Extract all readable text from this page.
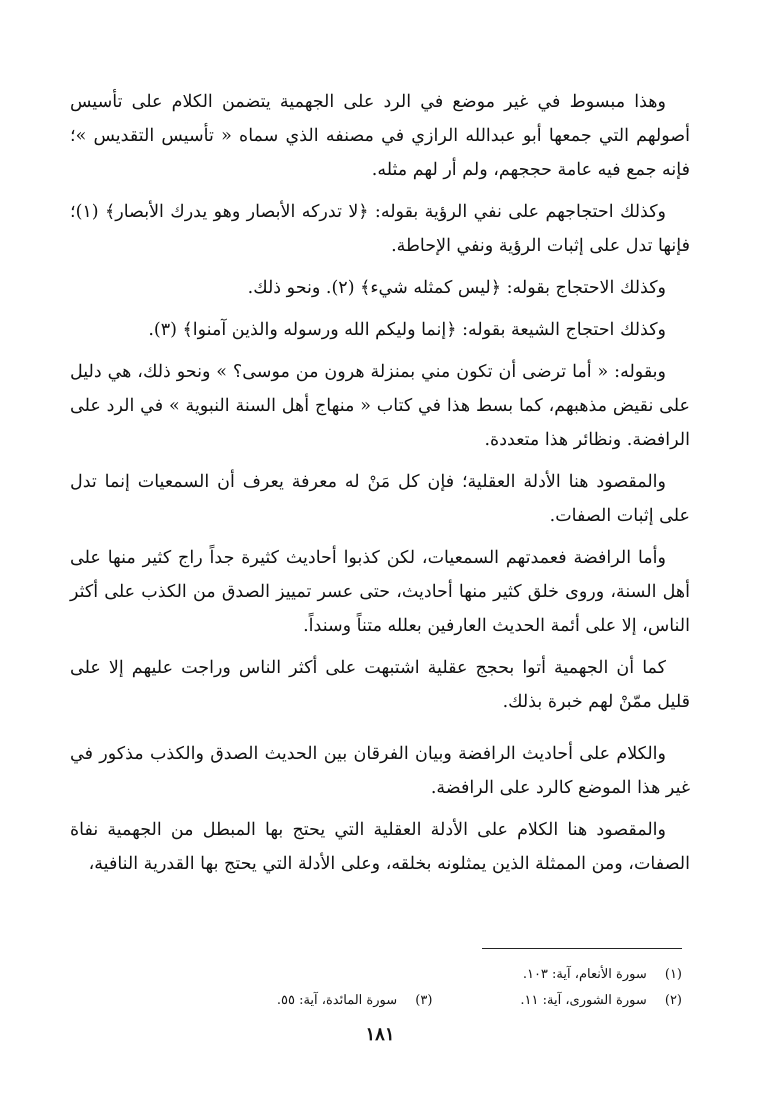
وهذا مبسوط في غير موضع في الرد على الجهمية يتضمن الكلام على تأسيس أصولهم التي جمعها أبو عبدالله الرازي في مصنفه الذي سماه « تأسيس التقديس »؛ فإنه جمع فيه عامة حججهم، ولم أر لهم مثله.

وكذلك احتجاجهم على نفي الرؤية بقوله: ﴿لا تدركه الأبصار وهو يدرك الأبصار﴾ (١)؛ فإنها تدل على إثبات الرؤية ونفي الإحاطة.

وكذلك الاحتجاج بقوله: ﴿ليس كمثله شيء﴾ (٢). ونحو ذلك.

وكذلك احتجاج الشيعة بقوله: ﴿إنما وليكم الله ورسوله والذين آمنوا﴾ (٣).

وبقوله: « أما ترضى أن تكون مني بمنزلة هرون من موسى؟ » ونحو ذلك، هي دليل على نقيض مذهبهم، كما بسط هذا في كتاب « منهاج أهل السنة النبوية » في الرد على الرافضة. ونظائر هذا متعددة.

والمقصود هنا الأدلة العقلية؛ فإن كل مَنْ له معرفة يعرف أن السمعيات إنما تدل على إثبات الصفات.

وأما الرافضة فعمدتهم السمعيات، لكن كذبوا أحاديث كثيرة جداً راج كثير منها على أهل السنة، وروى خلق كثير منها أحاديث، حتى عسر تمييز الصدق من الكذب على أكثر الناس، إلا على أئمة الحديث العارفين بعلله متناً وسنداً.

كما أن الجهمية أتوا بحجج عقلية اشتبهت على أكثر الناس وراجت عليهم إلا على قليل ممّنْ لهم خبرة بذلك.

والكلام على أحاديث الرافضة وبيان الفرقان بين الحديث الصدق والكذب مذكور في غير هذا الموضع كالرد على الرافضة.

والمقصود هنا الكلام على الأدلة العقلية التي يحتج بها المبطل من الجهمية نفاة الصفات، ومن الممثلة الذين يمثلونه بخلقه، وعلى الأدلة التي يحتج بها القدرية النافية،

(١) سورة الأنعام، آية: ١٠٣.
(٢) سورة الشورى، آية: ١١.
(٣) سورة المائدة، آية: ٥٥.
١٨١
